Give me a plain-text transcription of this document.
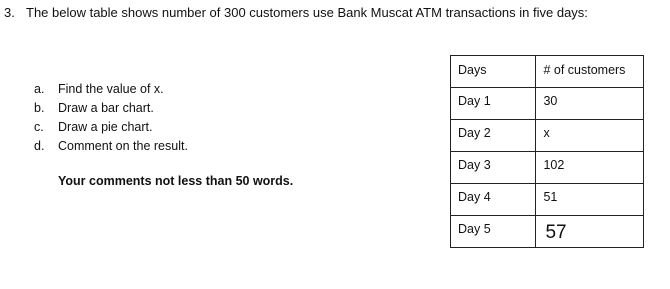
3. The below table shows number of 300 customers use Bank Muscat ATM transactions in five days:
a. Find the value of x.
b. Draw a bar chart.
c. Draw a pie chart.
d. Comment on the result.
Your comments not less than 50 words.
Days	# of customers
Day 1	30
Day 2	x
Day 3	102
Day 4	51
Day 5	57
